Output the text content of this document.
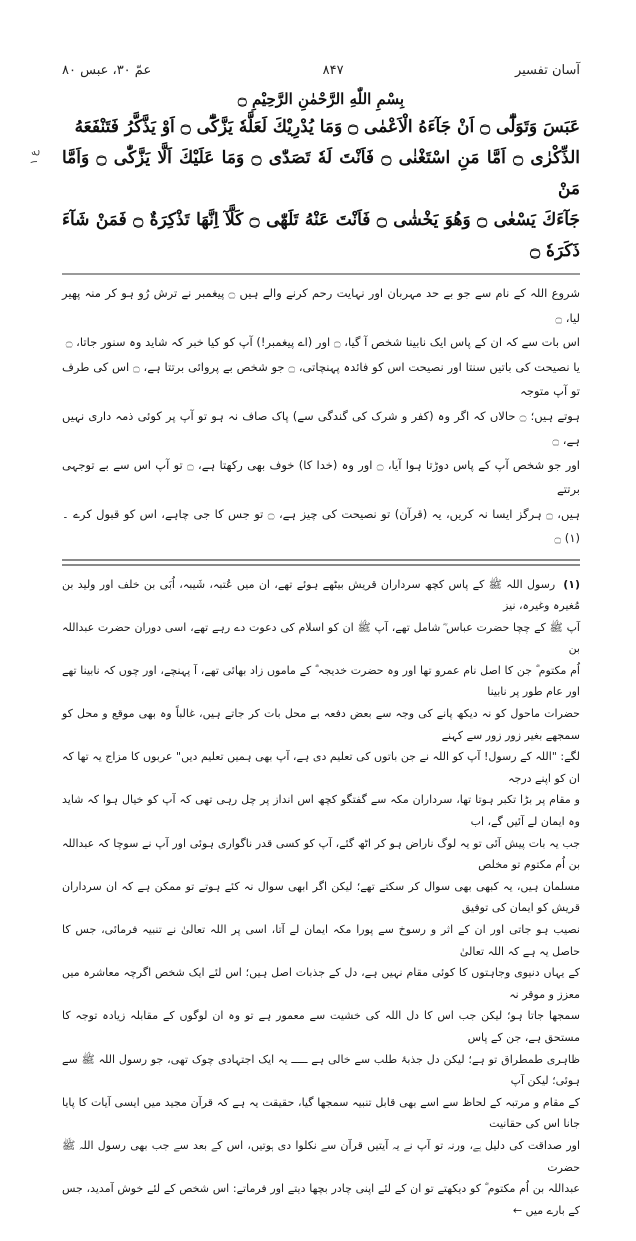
آسان تفسیر
۸۴۷
عمّ ۳۰، عبس ۸۰
بِسْمِ اللّٰهِ الرَّحْمٰنِ الرَّحِيْمِ ۝
ع ۱

عَبَسَ وَتَوَلّٰٓى ۝ اَنْ جَآءَهُ الْاَعْمٰى ۝ وَمَا يُدْرِيْكَ لَعَلَّهٗ يَزَّكّٰٓى ۝ اَوْ يَذَّكَّرُ فَتَنْفَعَهُ

الذِّكْرٰى ۝ اَمَّا مَنِ اسْتَغْنٰى ۝ فَاَنْتَ لَهٗ تَصَدّٰى ۝ وَمَا عَلَيْكَ اَلَّا يَزَّكّٰى ۝ وَاَمَّا مَنْ

جَآءَكَ يَسْعٰى ۝ وَهُوَ يَخْشٰى ۝ فَاَنْتَ عَنْهُ تَلَهّٰى ۝ كَلَّآ اِنَّهَا تَذْكِرَةٌ ۝ فَمَنْ شَآءَ ذَكَرَهٗ ۝

شروع اللہ کے نام سے جو بے حد مہربان اور نہایت رحم کرنے والے ہیں ۝ پیغمبر نے ترش رُو ہو کر منہ پھیر لیا، ۝

اس بات سے کہ ان کے پاس ایک نابینا شخص آ گیا، ۝ اور (اے پیغمبر!) آپ کو کیا خبر کہ شاید وہ سنور جاتا، ۝

یا نصیحت کی باتیں سنتا اور نصیحت اس کو فائدہ پہنچاتی، ۝ جو شخص بے پروائی برتتا ہے، ۝ اس کی طرف تو آپ متوجہ

ہوتے ہیں؛ ۝ حالاں کہ اگر وہ (کفر و شرک کی گندگی سے) پاک صاف نہ ہو تو آپ پر کوئی ذمہ داری نہیں ہے، ۝

اور جو شخص آپ کے پاس دوڑتا ہوا آیا، ۝ اور وہ (خدا کا) خوف بھی رکھتا ہے، ۝ تو آپ اس سے بے توجہی برتتے

ہیں، ۝ ہرگز ایسا نہ کریں، یہ (قرآن) تو نصیحت کی چیز ہے، ۝ تو جس کا جی چاہے، اس کو قبول کرے ۔ (۱) ۝

(۱)رسول اللہ ﷺ کے پاس کچھ سرداران قریش بیٹھے ہوئے تھے، ان میں عُتبہ، شَیبہ، اُبَی بن خلف اور ولید بن مُغیرہ وغیرہ، نیز

آپ ﷺ کے چچا حضرت عباس ؓ شامل تھے، آپ ﷺ ان کو اسلام کی دعوت دے رہے تھے، اسی دوران حضرت عبداللہ بن

اُم مکتوم ؓ جن کا اصل نام عمرو تھا اور وہ حضرت خدیجہ ؓ کے ماموں زاد بھائی تھے، آ پہنچے، اور چوں کہ نابینا تھے اور عام طور پر نابینا

حضرات ماحول کو نہ دیکھ پانے کی وجہ سے بعض دفعہ بے محل بات کر جاتے ہیں، غالباً وہ بھی موقع و محل کو سمجھے بغیر زور زور سے کہنے

لگے: "اللہ کے رسول! آپ کو اللہ نے جن باتوں کی تعلیم دی ہے، آپ بھی ہمیں تعلیم دیں" عربوں کا مزاج یہ تھا کہ ان کو اپنے درجہ

و مقام پر بڑا تکبر ہوتا تھا، سرداران مکہ سے گفتگو کچھ اس انداز پر چل رہی تھی کہ آپ کو خیال ہوا کہ شاید وہ ایمان لے آئیں گے، اب

جب یہ بات پیش آئی تو یہ لوگ ناراض ہو کر اٹھ گئے، آپ کو کسی قدر ناگواری ہوئی اور آپ نے سوچا کہ عبداللہ بن اُم مکتوم تو مخلص

مسلمان ہیں، یہ کبھی بھی سوال کر سکتے تھے؛ لیکن اگر ابھی سوال نہ کئے ہوتے تو ممکن ہے کہ ان سرداران قریش کو ایمان کی توفیق

نصیب ہو جاتی اور ان کے اثر و رسوخ سے پورا مکہ ایمان لے آتا، اسی پر اللہ تعالیٰ نے تنبیہ فرمائی، جس کا حاصل یہ ہے کہ اللہ تعالیٰ

کے یہاں دنیوی وجاہتوں کا کوئی مقام نہیں ہے، دل کے جذبات اصل ہیں؛ اس لئے ایک شخص اگرچہ معاشرہ میں معزز و موقر نہ

سمجھا جاتا ہو؛ لیکن جب اس کا دل اللہ کی خشیت سے معمور ہے تو وہ ان لوگوں کے مقابلہ زیادہ توجہ کا مستحق ہے، جن کے پاس

ظاہری طمطراق تو ہے؛ لیکن دل جذبۂ طلب سے خالی ہے ـــــ یہ ایک اجتہادی چوک تھی، جو رسول اللہ ﷺ سے ہوئی؛ لیکن آپ

کے مقام و مرتبہ کے لحاظ سے اسے بھی قابل تنبیہ سمجھا گیا، حقیقت یہ ہے کہ قرآن مجید میں ایسی آیات کا پایا جانا اس کی حقانیت

اور صداقت کی دلیل ہے، ورنہ تو آپ نے یہ آیتیں قرآن سے نکلوا دی ہوتیں، اس کے بعد سے جب بھی رسول اللہ ﷺ حضرت

عبداللہ بن اُم مکتوم ؓ کو دیکھتے تو ان کے لئے اپنی چادر بچھا دیتے اور فرماتے: اس شخص کے لئے خوش آمدید، جس کے بارے میں ←
